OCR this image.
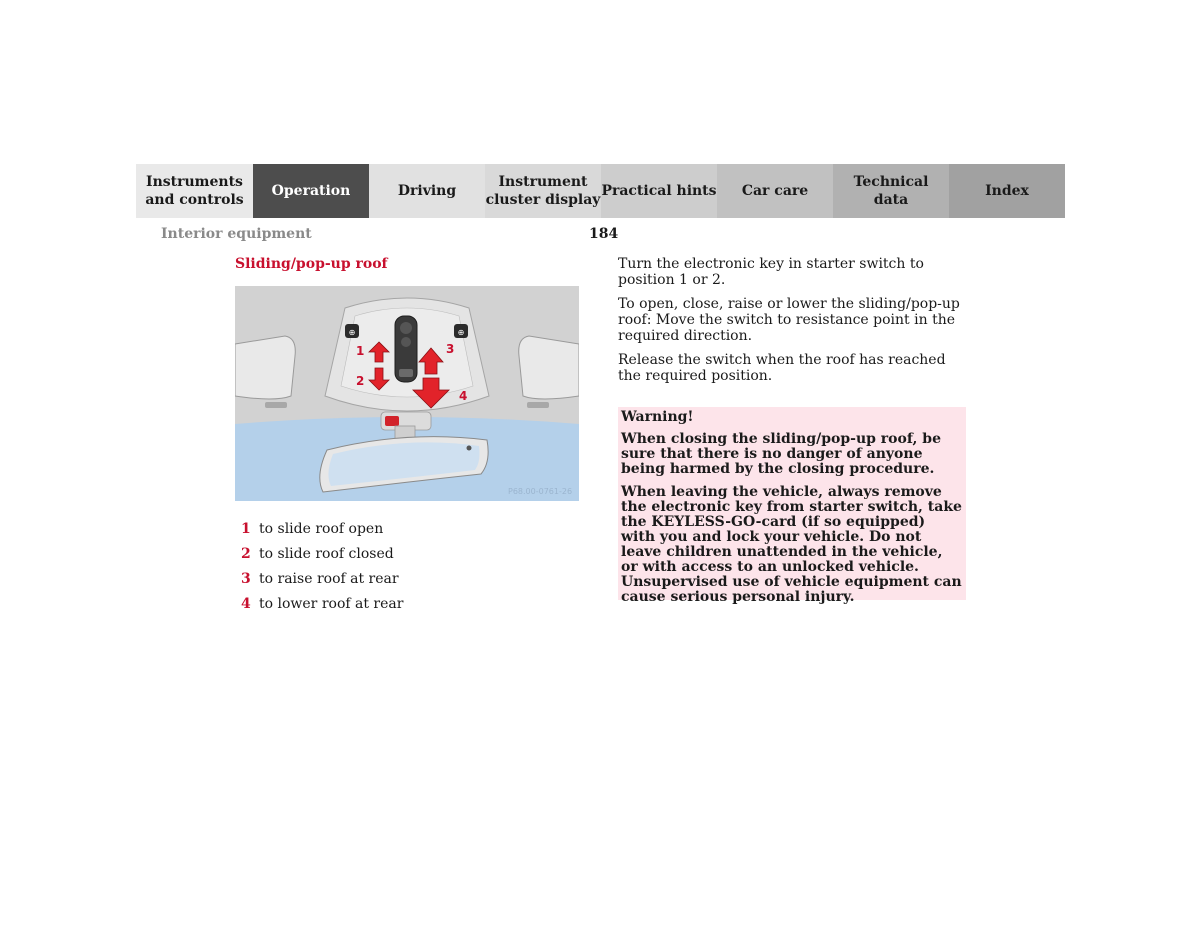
Instruments
and controls
Operation	Driving
Instrument
cluster display
Practical hints	Car care
Technical
data
Index
Interior equipment	184
Sliding/pop-up roof
⊕	⊕
1
2
3
4
P68.00-0761-26
1 to slide roof open
2 to slide roof closed
3 to raise roof at rear
4 to lower roof at rear

Turn the electronic key in starter switch to position 1 or 2.

To open, close, raise or lower the sliding/pop-up roof: Move the switch to resistance point in the required direction.

Release the switch when the roof has reached the required position.

Warning!

When closing the sliding/pop-up roof, be sure that there is no danger of anyone being harmed by the closing procedure.

When leaving the vehicle, always remove the electronic key from starter switch, take the KEYLESS-GO-card (if so equipped) with you and lock your vehicle. Do not leave children unattended in the vehicle, or with access to an unlocked vehicle. Unsupervised use of vehicle equipment can cause serious personal injury.
